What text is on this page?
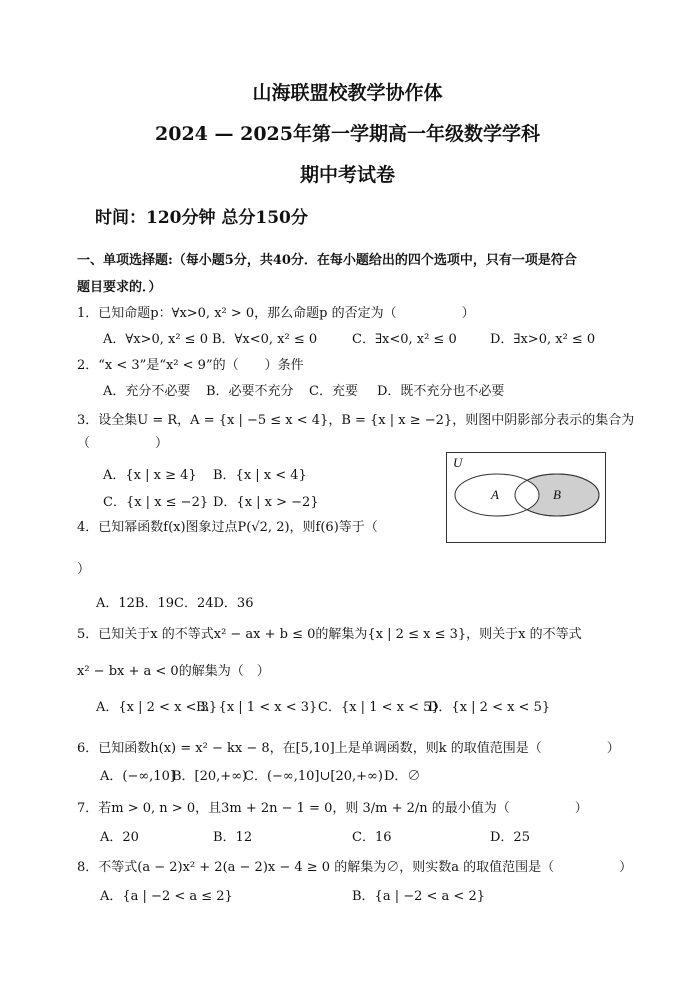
山海联盟校教学协作体
2024 — 2025年第一学期高一年级数学学科
期中考试卷
时间：120分钟 总分150分
一、单项选择题:（每小题5分，共40分．在每小题给出的四个选项中，只有一项是符合
题目要求的．）
1．已知命题p：∀x>0, x² > 0，那么命题p 的否定为（　　　　　）
A．∀x>0, x² ≤ 0 B．∀x<0, x² ≤ 0	C．∃x<0, x² ≤ 0	D．∃x>0, x² ≤ 0
2．“x < 3”是“x² < 9”的（　　）条件
A．充分不必要 B．必要不充分 C．充要 D．既不充分也不必要
3．设全集U = R，A = {x | −5 ≤ x < 4}，B = {x | x ≥ −2}，则图中阴影部分表示的集合为
（　　　　　）
A．{x | x ≥ 4} B．{x | x < 4}
C．{x | x ≤ −2} D．{x | x > −2}
U
A	B
4．已知幂函数f(x)图象过点P(√2, 2)，则f(6)等于（
）
A．12B．19C．24D．36
5．已知关于x 的不等式x² − ax + b ≤ 0的解集为{x | 2 ≤ x ≤ 3}，则关于x 的不等式
x² − bx + a < 0的解集为（　）
A．{x | 2 < x < 3}
B．{x | 1 < x < 3} C．{x | 1 < x < 5}
D．{x | 2 < x < 5}
6．已知函数h(x) = x² − kx − 8，在[5,10]上是单调函数，则k 的取值范围是（　　　　　）
A．(−∞,10]
B．[20,+∞)
C．(−∞,10]∪[20,+∞) D．∅
7．若m > 0, n > 0，且3m + 2n − 1 = 0，则 3/m + 2/n 的最小值为（　　　　　）
A．20	B．12	C．16	D．25
8．不等式(a − 2)x² + 2(a − 2)x − 4 ≥ 0 的解集为∅，则实数a 的取值范围是（　　　　　）
A．{a | −2 < a ≤ 2}	B．{a | −2 < a < 2}
